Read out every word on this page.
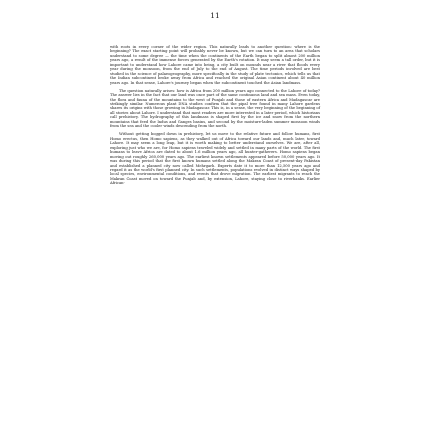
11

with roots in every corner of the wider region. This naturally leads to another question: where is the beginning? The exact starting point will probably never be known, but we can turn to an area that scholars understand to some degree — the time when the continents of the Earth began to split almost 200 million years ago, a result of the immense forces generated by the Earth's rotation. It may seem a tall order, but it is important to understand how Lahore came into being, a city built on mounds near a river that floods every year during the monsoon, from the end of July to the end of August. The time periods involved are best studied in the science of palaeogeography, more specifically in the study of plate tectonics, which tells us that the Indian subcontinent broke away from Africa and reached the original Asian continent about 40 million years ago. In that sense, Lahore's journey began when the subcontinent touched the Asian landmass.

The question naturally arises: how is Africa from 200 million years ago connected to the Lahore of today? The answer lies in the fact that our land was once part of the same continuous land and sea mass. Even today, the flora and fauna of the mountains to the west of Punjab and those of eastern Africa and Madagascar are strikingly similar. Numerous plant DNA studies confirm that the pipal tree found in many Lahore gardens shares its origins with those growing in Madagascar. This is, in a sense, the very beginning of the beginning of all stories about Lahore. I understand that most readers are more interested in a later period, which historians call prehistory. The hydrography of this landmass is shaped first by the ice and snow from the northern mountains that feed the Indus and Ganges basins, and second by the moisture-laden summer monsoon winds from the sea and the cooler winds descending from the north.

Without getting bogged down in prehistory, let us move to the relative future and follow humans, first Homo erectus, then Homo sapiens, as they walked out of Africa toward our lands and, much later, toward Lahore. It may seem a long leap, but it is worth making to better understand ourselves. We are, after all, exploring just who we are, for Homo sapiens traveled widely and settled in many parts of the world. The first humans to leave Africa are dated to about 1.6 million years ago, all hunter-gatherers. Homo sapiens began moving out roughly 260,000 years ago. The earliest known settlements appeared before 50,000 years ago. It was during this period that the first known humans settled along the Makran Coast of present-day Pakistan and established a planned city now called Mehrgarh. Experts date it to more than 12,500 years ago and regard it as the world's first planned city. In such settlements, populations evolved in distinct ways shaped by local species, environmental conditions, and events that drove migration. The earliest migrants to reach the Makran Coast moved on toward the Punjab and, by extension, Lahore, staying close to riverbanks. Earlier African-
